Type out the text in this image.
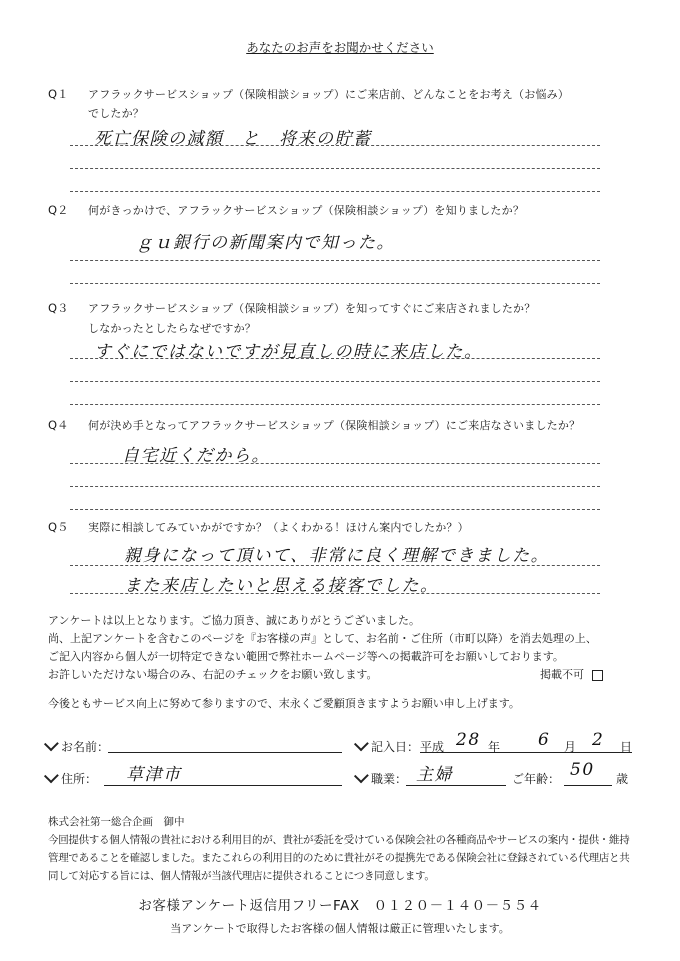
あなたのお声をお聞かせください
Q１ アフラックサービスショップ（保険相談ショップ）にご来店前、どんなことをお考え（お悩み）
でしたか？
死亡保険の減額　と　将来の貯蓄
Q２ 何がきっかけで、アフラックサービスショップ（保険相談ショップ）を知りましたか？
ｇｕ銀行の新聞案内で知った。
Q３ アフラックサービスショップ（保険相談ショップ）を知ってすぐにご来店されましたか？
しなかったとしたらなぜですか？
すぐにではないですが見直しの時に来店した。
Q４ 何が決め手となってアフラックサービスショップ（保険相談ショップ）にご来店なさいましたか？
自宅近くだから。
Q５ 実際に相談してみていかがですか？（よくわかる！ほけん案内でしたか？）
親身になって頂いて、非常に良く理解できました。
また来店したいと思える接客でした。
アンケートは以上となります。ご協力頂き、誠にありがとうございました。
尚、上記アンケートを含むこのページを『お客様の声』として、お名前・ご住所（市町以降）を消去処理の上、
ご記入内容から個人が一切特定できない範囲で弊社ホームページ等への掲載許可をお願いしております。
お許しいただけない場合のみ、右記のチェックをお願い致します。	掲載不可
今後ともサービス向上に努めて参りますので、末永くご愛顧頂きますようお願い申し上げます。
お名前：	記入日： 平成 28 年 6 月 2 日
住所： 草津市	職業： 主婦	ご年齢： 50 歳
株式会社第一総合企画　御中
今回提供する個人情報の貴社における利用目的が、貴社が委託を受けている保険会社の各種商品やサービスの案内・提供・維持
管理であることを確認しました。またこれらの利用目的のために貴社がその提携先である保険会社に登録されている代理店と共
同して対応する旨には、個人情報が当該代理店に提供されることにつき同意します。
お客様アンケート返信用フリーFAX　０１２０－１４０－５５４
当アンケートで取得したお客様の個人情報は厳正に管理いたします。
